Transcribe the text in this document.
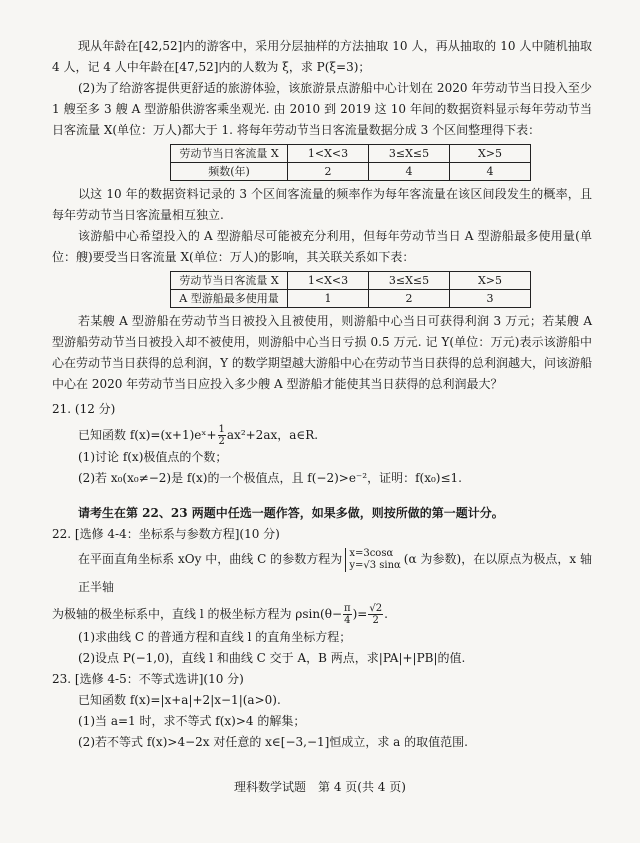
现从年龄在[42,52]内的游客中，采用分层抽样的方法抽取 10 人，再从抽取的 10 人中随机抽取 4 人，记 4 人中年龄在[47,52]内的人数为 ξ，求 P(ξ=3)；

(2)为了给游客提供更舒适的旅游体验，该旅游景点游船中心计划在 2020 年劳动节当日投入至少 1 艘至多 3 艘 A 型游船供游客乘坐观光. 由 2010 到 2019 这 10 年间的数据资料显示每年劳动节当日客流量 X(单位：万人)都大于 1. 将每年劳动节当日客流量数据分成 3 个区间整理得下表：

劳动节当日客流量 X	1<X<3	3≤X≤5	X>5
频数(年)	2	4	4

以这 10 年的数据资料记录的 3 个区间客流量的频率作为每年客流量在该区间段发生的概率，且每年劳动节当日客流量相互独立.

该游船中心希望投入的 A 型游船尽可能被充分利用，但每年劳动节当日 A 型游船最多使用量(单位：艘)要受当日客流量 X(单位：万人)的影响，其关联关系如下表：

劳动节当日客流量 X	1<X<3	3≤X≤5	X>5
A 型游船最多使用量	1	2	3

若某艘 A 型游船在劳动节当日被投入且被使用，则游船中心当日可获得利润 3 万元；若某艘 A 型游船劳动节当日被投入却不被使用，则游船中心当日亏损 0.5 万元. 记 Y(单位：万元)表示该游船中心在劳动节当日获得的总利润，Y 的数学期望越大游船中心在劳动节当日获得的总利润越大，问该游船中心在 2020 年劳动节当日应投入多少艘 A 型游船才能使其当日获得的总利润最大？

21. (12 分)

已知函数 f(x)=(x+1)eˣ+ $\frac{1}{2} ax^2+2ax$，a∈R.

(1)讨论 f(x)极值点的个数；

(2)若 x₀(x₀≠−2)是 f(x)的一个极值点，且 f(−2)>e⁻²，证明：f(x₀)≤1.

请考生在第 22、23 两题中任选一题作答，如果多做，则按所做的第一题计分。

22. [选修 4-4：坐标系与参数方程](10 分)

在平面直角坐标系 xOy 中，曲线 C 的参数方程为 x=3cosα
y=√3 sinα (α 为参数)，在以原点为极点，x 轴正半轴

为极轴的极坐标系中，直线 l 的极坐标方程为 $\rho\sin(\theta- \frac{\pi}{4}$ )= $\frac{√2}{2}$ .

(1)求曲线 C 的普通方程和直线 l 的直角坐标方程；

(2)设点 P(−1,0)，直线 l 和曲线 C 交于 A，B 两点，求|PA|+|PB|的值.

23. [选修 4-5：不等式选讲](10 分)

已知函数 f(x)=|x+a|+2|x−1|(a>0).

(1)当 a=1 时，求不等式 f(x)>4 的解集；

(2)若不等式 f(x)>4−2x 对任意的 x∈[−3,−1]恒成立，求 a 的取值范围.

理科数学试题　第 4 页(共 4 页)
